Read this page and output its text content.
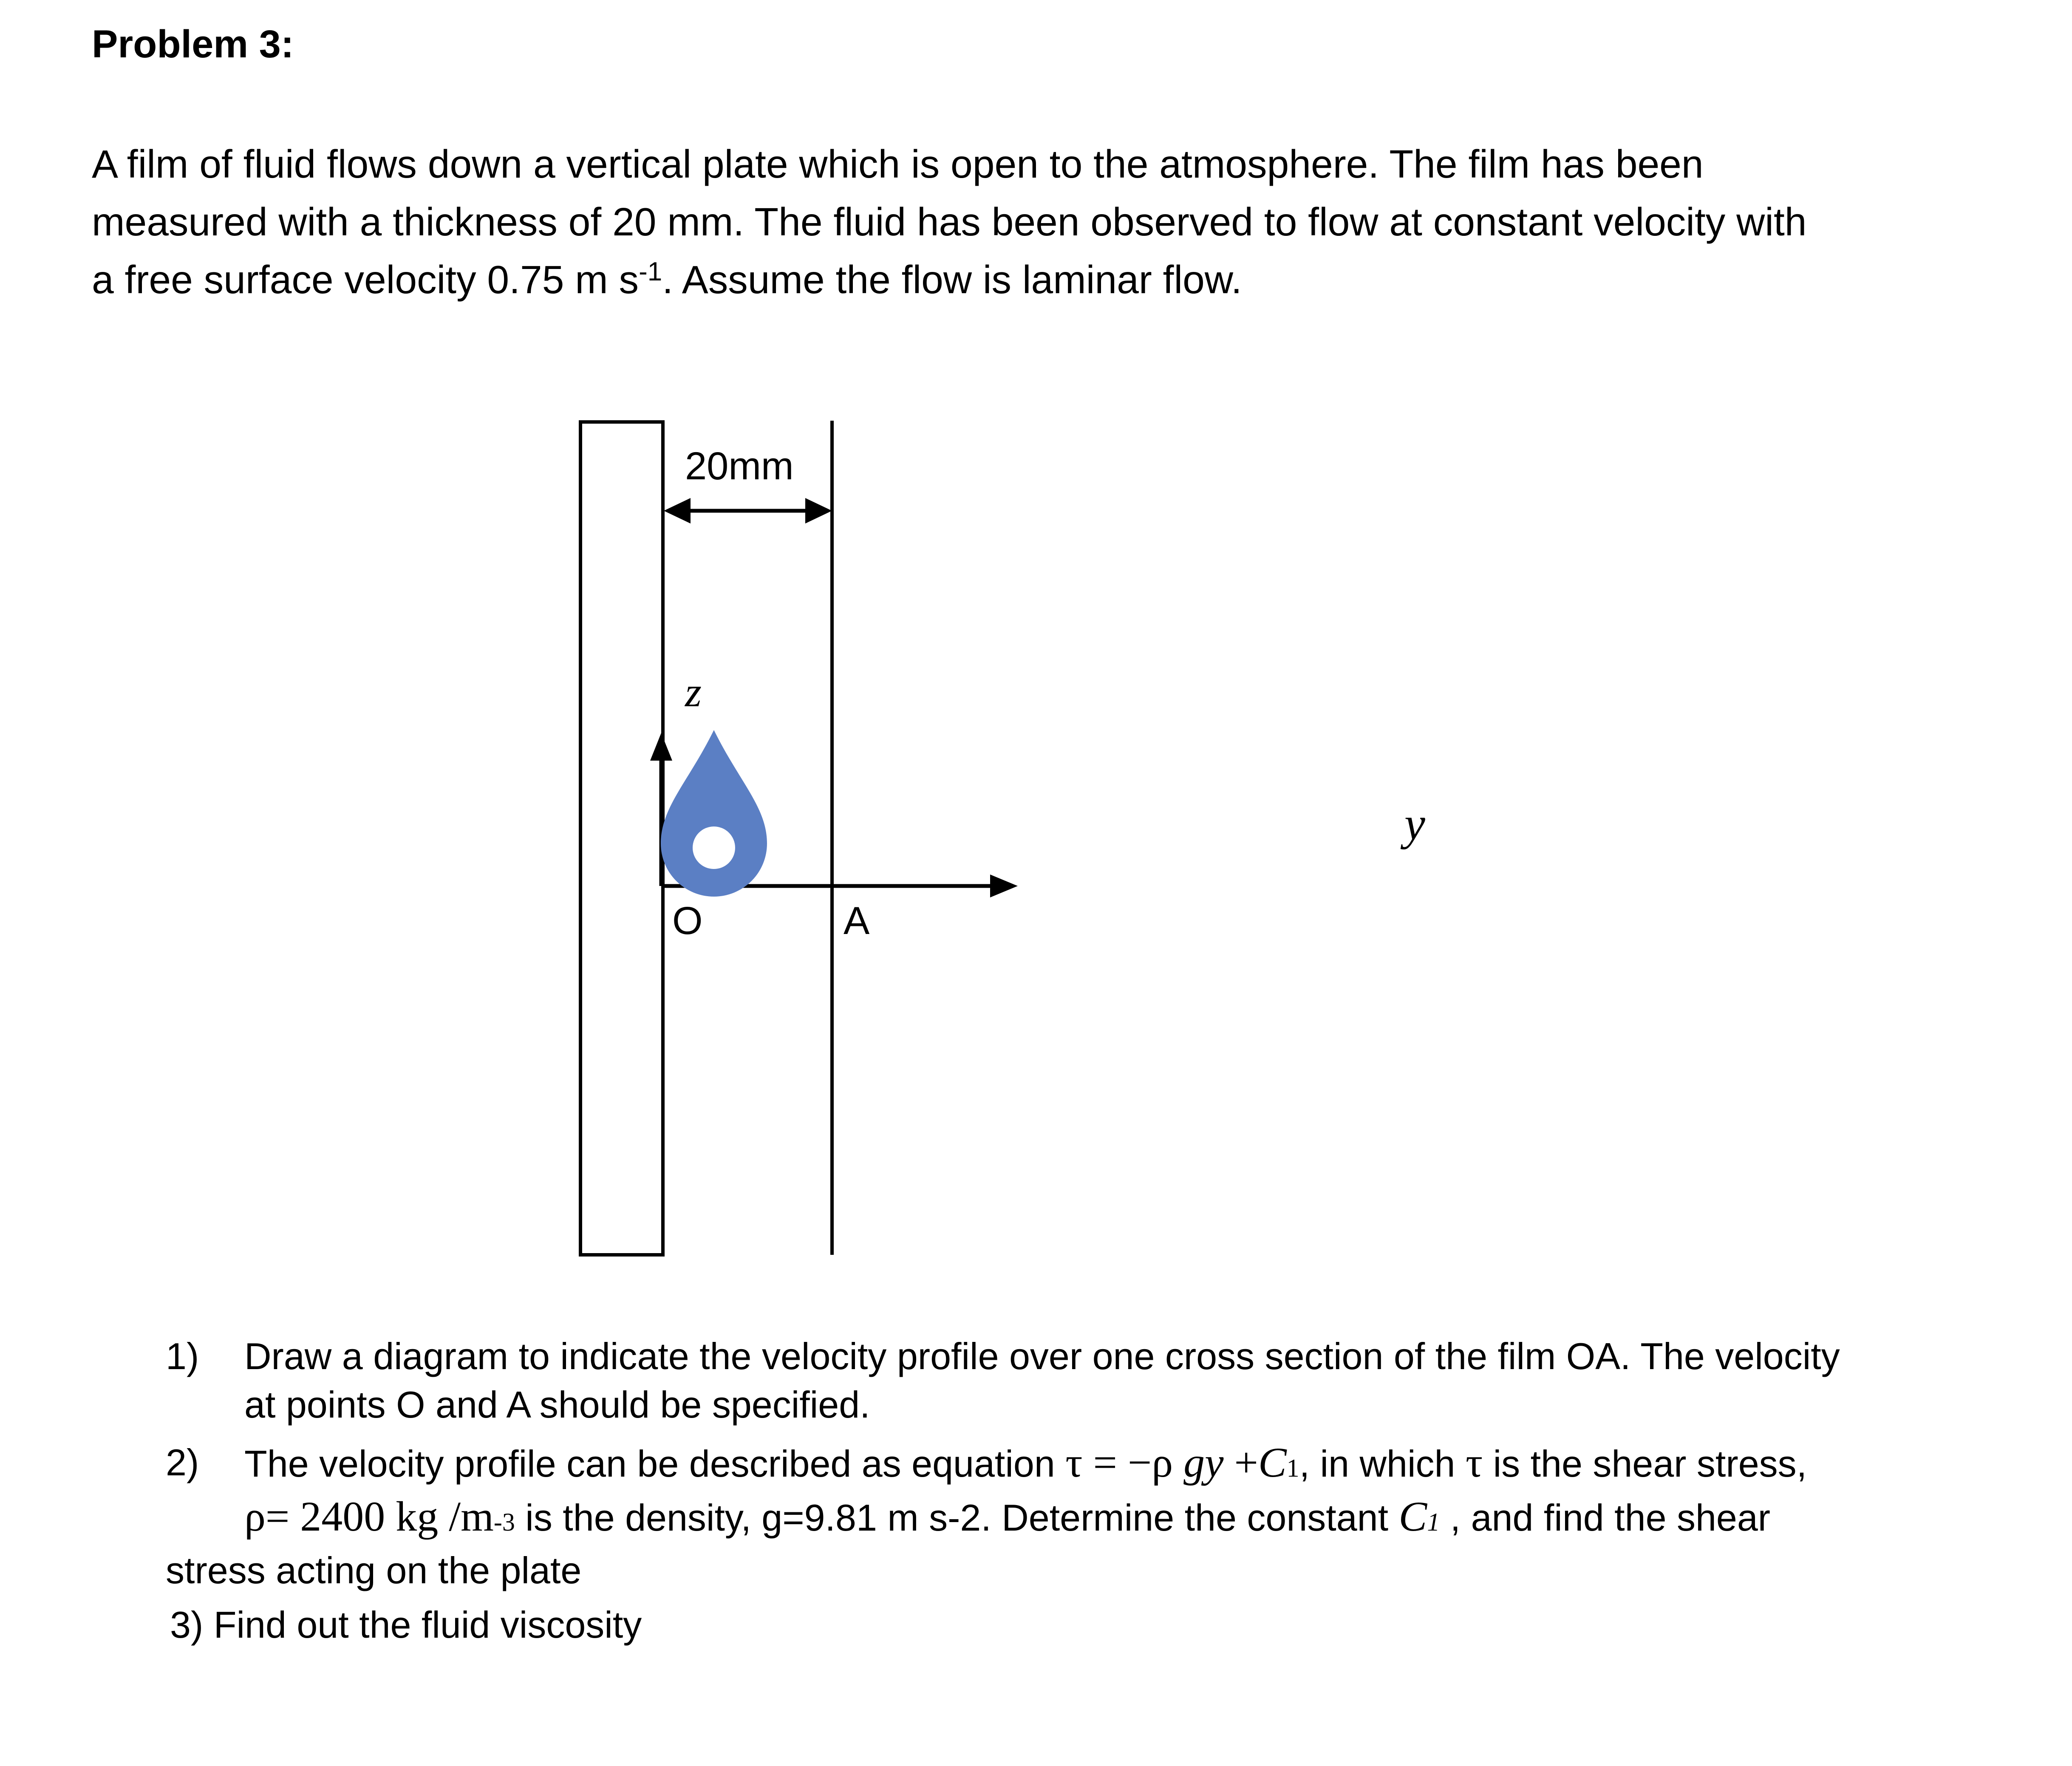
Problem 3:

A film of fluid flows down a vertical plate which is open to the atmosphere. The film has been
measured with a thickness of 20 mm. The fluid has been observed to flow at constant velocity with
a free surface velocity 0.75 m $s^{-1}$. Assume the flow is laminar flow.

20mm
z
y
O	A
1) Draw a diagram to indicate the velocity profile over one cross section of the film OA. The velocity
at points O and A should be specified.
2) The velocity profile can be described as equation τ = −ρ gy +C1, in which τ is the shear stress,
ρ= 2400 kg /m-3 is the density, g=9.81 m s-2. Determine the constant C1 , and find the shear
stress acting on the plate
3) Find out the fluid viscosity
